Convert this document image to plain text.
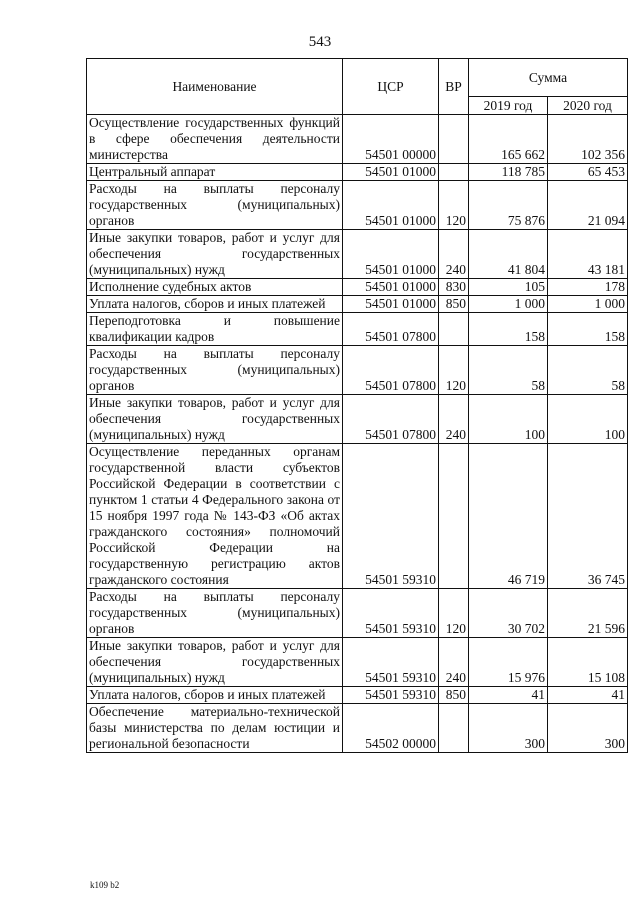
543
Наименование	ЦСР	ВР	Сумма	
			2019 год	2020 год
Осуществление государственных функций в сфере обеспечения деятельности министерства	54501 00000		165 662	102 356
Центральный аппарат	54501 01000		118 785	65 453
Расходы на выплаты персоналу государственных (муниципальных) органов	54501 01000	120	75 876	21 094
Иные закупки товаров, работ и услуг для обеспечения государственных (муниципальных) нужд	54501 01000	240	41 804	43 181
Исполнение судебных актов	54501 01000	830	105	178
Уплата налогов, сборов и иных платежей	54501 01000	850	1 000	1 000
Переподготовка и повышение квалификации кадров	54501 07800		158	158
Расходы на выплаты персоналу государственных (муниципальных) органов	54501 07800	120	58	58
Иные закупки товаров, работ и услуг для обеспечения государственных (муниципальных) нужд	54501 07800	240	100	100
Осуществление переданных органам государственной власти субъектов Российской Федерации в соответствии с пунктом 1 статьи 4 Федерального закона от 15 ноября 1997 года № 143-ФЗ «Об актах гражданского состояния» полномочий Российской Федерации на государственную регистрацию актов гражданского состояния	54501 59310		46 719	36 745
Расходы на выплаты персоналу государственных (муниципальных) органов	54501 59310	120	30 702	21 596
Иные закупки товаров, работ и услуг для обеспечения государственных (муниципальных) нужд	54501 59310	240	15 976	15 108
Уплата налогов, сборов и иных платежей	54501 59310	850	41	41
Обеспечение материально-технической базы министерства по делам юстиции и региональной безопасности	54502 00000		300	300
k109 b2
